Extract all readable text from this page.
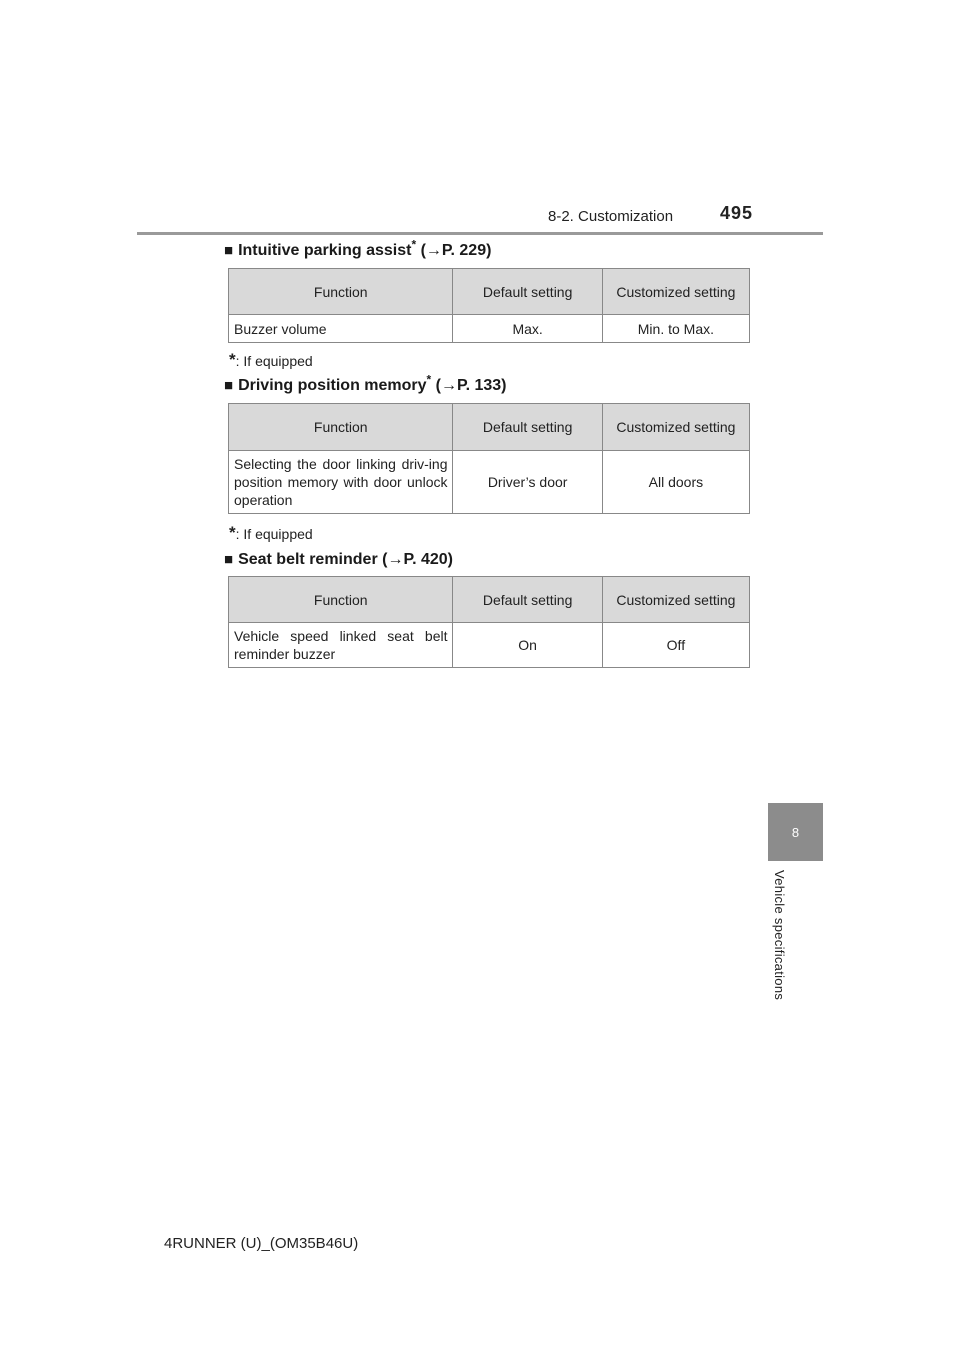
8-2. Customization	495
■ Intuitive parking assist* (→P. 229)
Function	Default setting	Customized setting
Buzzer volume	Max.	Min. to Max.
*: If equipped
■ Driving position memory* (→P. 133)
Function	Default setting	Customized setting
Selecting the door linking driv-ing position memory with door unlock operation	Driver’s door	All doors
*: If equipped
■ Seat belt reminder (→P. 420)
Function	Default setting	Customized setting
Vehicle speed linked seat belt reminder buzzer	On	Off
8
Vehicle specifications
4RUNNER (U)_(OM35B46U)
